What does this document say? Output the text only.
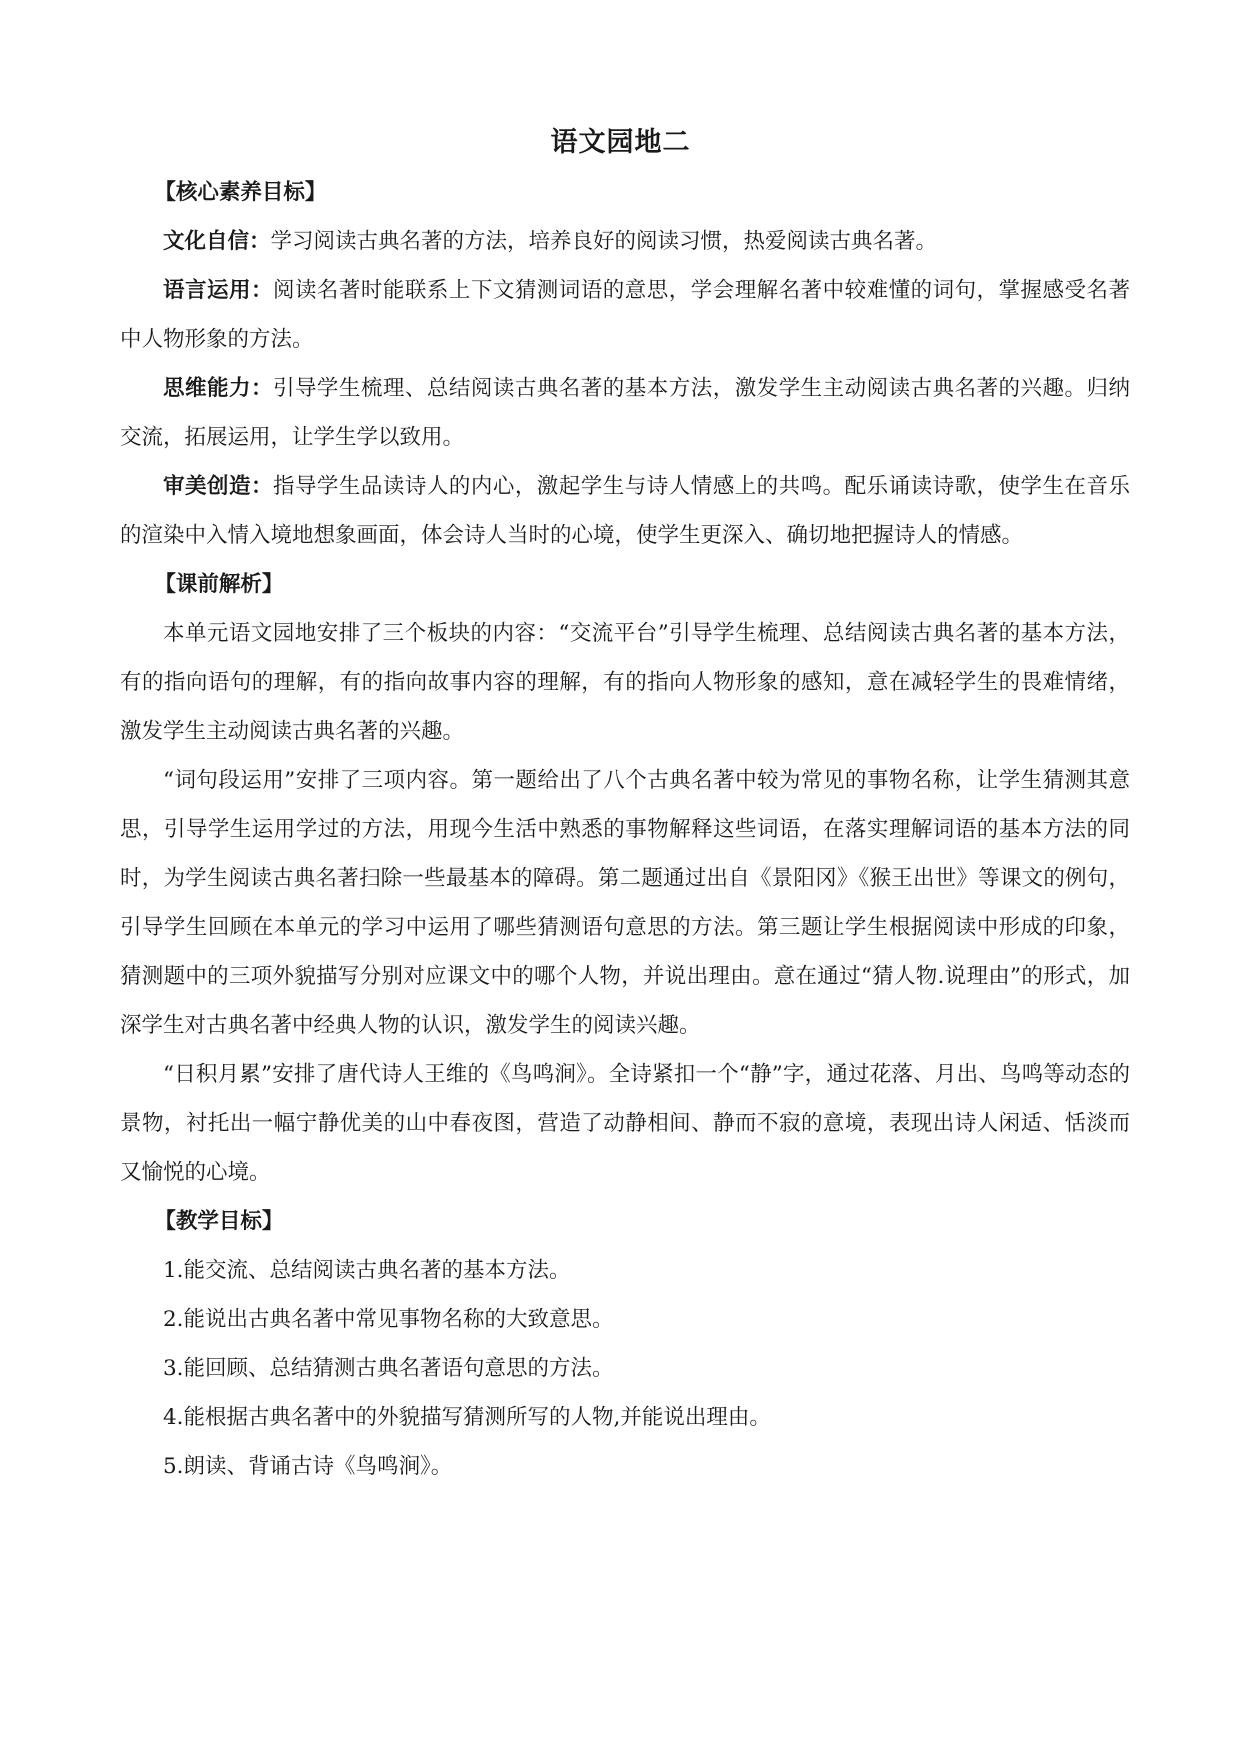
语文园地二

【核心素养目标】

文化自信：学习阅读古典名著的方法，培养良好的阅读习惯，热爱阅读古典名著。

语言运用：阅读名著时能联系上下文猜测词语的意思，学会理解名著中较难懂的词句，掌握感受名著中人物形象的方法。

思维能力：引导学生梳理、总结阅读古典名著的基本方法，激发学生主动阅读古典名著的兴趣。归纳交流，拓展运用，让学生学以致用。

审美创造：指导学生品读诗人的内心，激起学生与诗人情感上的共鸣。配乐诵读诗歌，使学生在音乐的渲染中入情入境地想象画面，体会诗人当时的心境，使学生更深入、确切地把握诗人的情感。

【课前解析】

本单元语文园地安排了三个板块的内容：“交流平台”引导学生梳理、总结阅读古典名著的基本方法，有的指向语句的理解，有的指向故事内容的理解，有的指向人物形象的感知，意在减轻学生的畏难情绪，激发学生主动阅读古典名著的兴趣。

“词句段运用”安排了三项内容。第一题给出了八个古典名著中较为常见的事物名称，让学生猜测其意思，引导学生运用学过的方法，用现今生活中熟悉的事物解释这些词语，在落实理解词语的基本方法的同时，为学生阅读古典名著扫除一些最基本的障碍。第二题通过出自《景阳冈》《猴王出世》等课文的例句，引导学生回顾在本单元的学习中运用了哪些猜测语句意思的方法。第三题让学生根据阅读中形成的印象，猜测题中的三项外貌描写分别对应课文中的哪个人物，并说出理由。意在通过“猜人物.说理由”的形式，加深学生对古典名著中经典人物的认识，激发学生的阅读兴趣。

“日积月累”安排了唐代诗人王维的《鸟鸣涧》。全诗紧扣一个“静”字，通过花落、月出、鸟鸣等动态的景物，衬托出一幅宁静优美的山中春夜图，营造了动静相间、静而不寂的意境，表现出诗人闲适、恬淡而又愉悦的心境。

【教学目标】

1.能交流、总结阅读古典名著的基本方法。

2.能说出古典名著中常见事物名称的大致意思。

3.能回顾、总结猜测古典名著语句意思的方法。

4.能根据古典名著中的外貌描写猜测所写的人物,并能说出理由。

5.朗读、背诵古诗《鸟鸣涧》。
